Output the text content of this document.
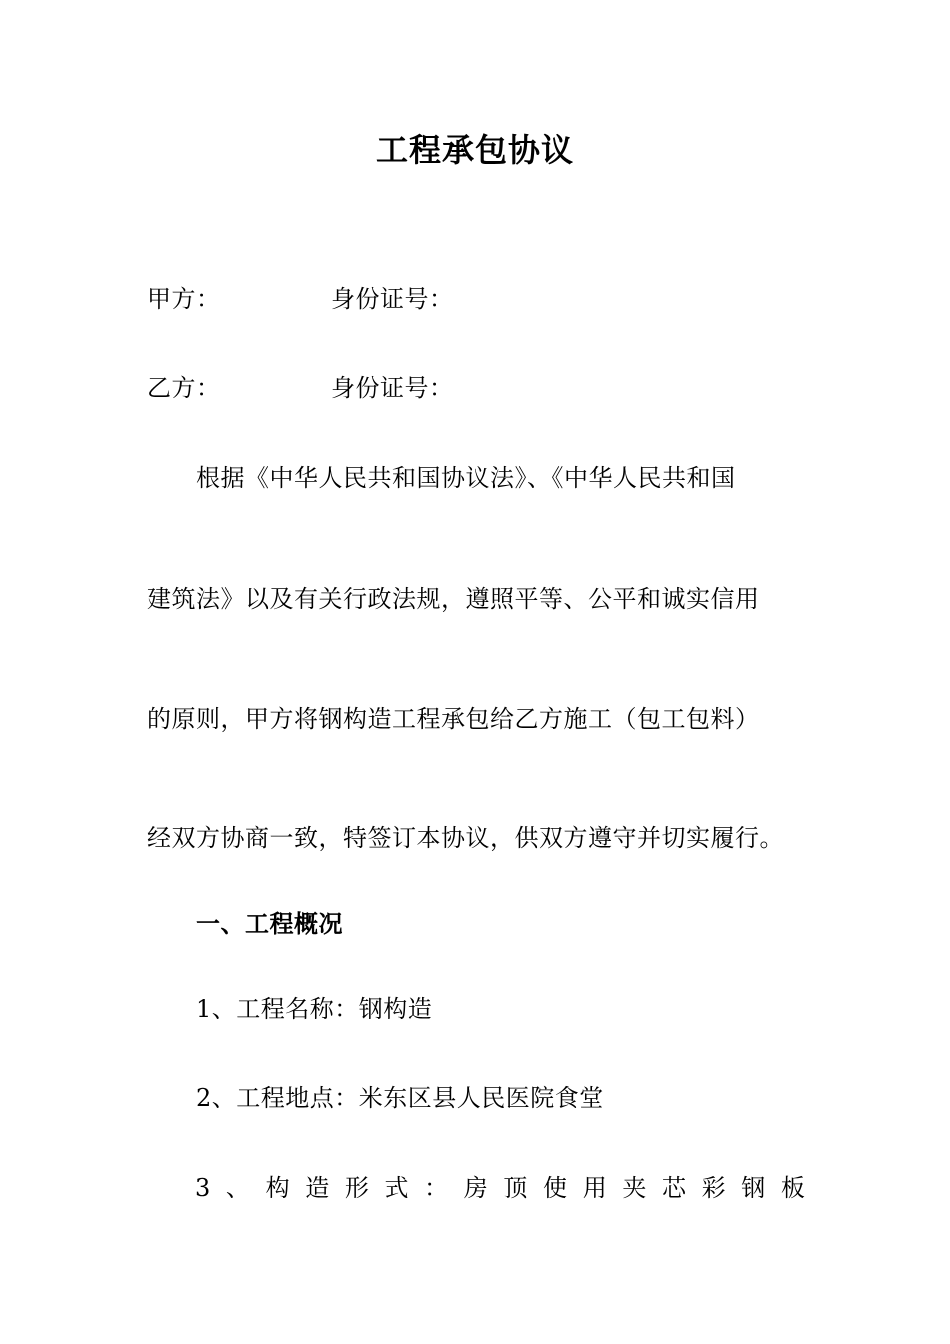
工程承包协议
甲方：	身份证号：
乙方：	身份证号：
根据《中华人民共和国协议法》、《中华人民共和国
建筑法》以及有关行政法规，遵照平等、公平和诚实信用
的原则，甲方将钢构造工程承包给乙方施工（包工包料）
经双方协商一致，特签订本协议，供双方遵守并切实履行。
一、工程概况
1、工程名称：钢构造
2、工程地点：米东区县人民医院食堂
3 、 构 造 形 式 ： 房 顶 使 用 夹 芯 彩 钢 板
